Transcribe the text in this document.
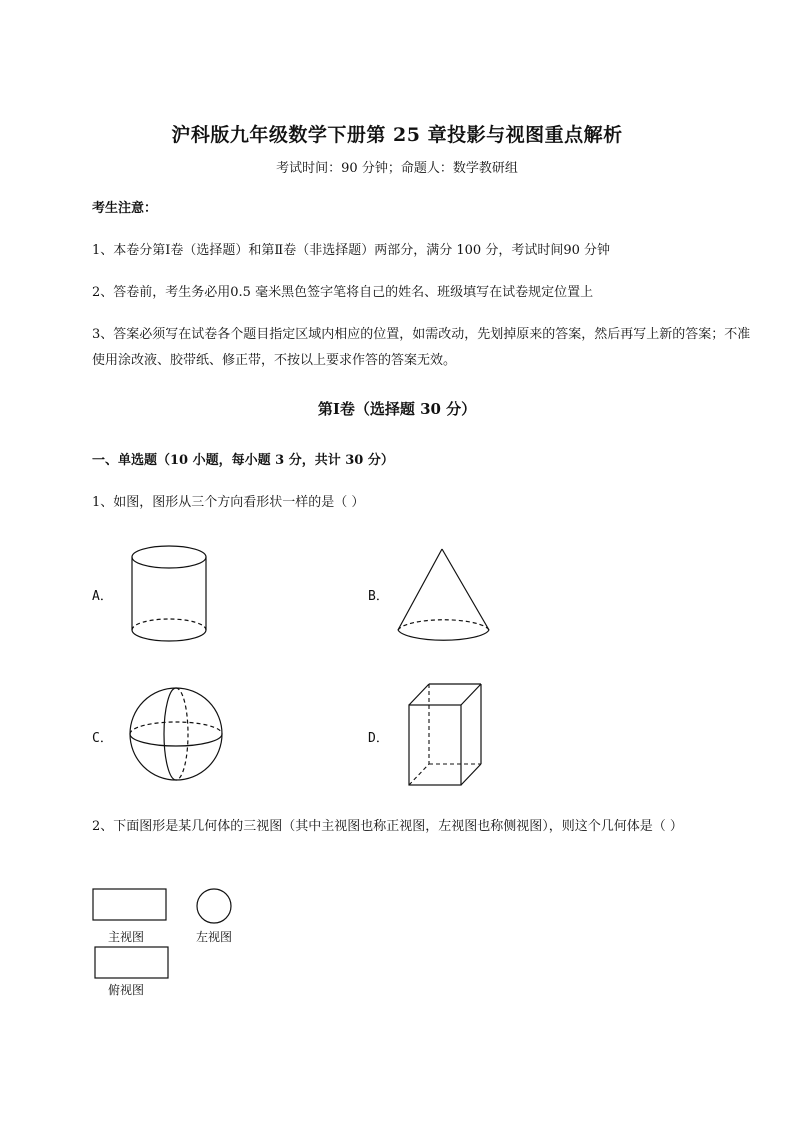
沪科版九年级数学下册第 25 章投影与视图重点解析
考试时间：90 分钟；命题人：数学教研组
考生注意：
1、本卷分第Ⅰ卷（选择题）和第Ⅱ卷（非选择题）两部分，满分 100 分，考试时间90 分钟
2、答卷前，考生务必用0.5 毫米黑色签字笔将自己的姓名、班级填写在试卷规定位置上
3、答案必须写在试卷各个题目指定区域内相应的位置，如需改动，先划掉原来的答案，然后再写上新的答案；不准使用涂改液、胶带纸、修正带，不按以上要求作答的答案无效。
第Ⅰ卷（选择题 30 分）
一、单选题（10 小题，每小题 3 分，共计 30 分）
1、如图，图形从三个方向看形状一样的是（ ）
A．	B．
C．	D．
2、下面图形是某几何体的三视图（其中主视图也称正视图，左视图也称侧视图），则这个几何体是（ ）
主视图	左视图
俯视图
